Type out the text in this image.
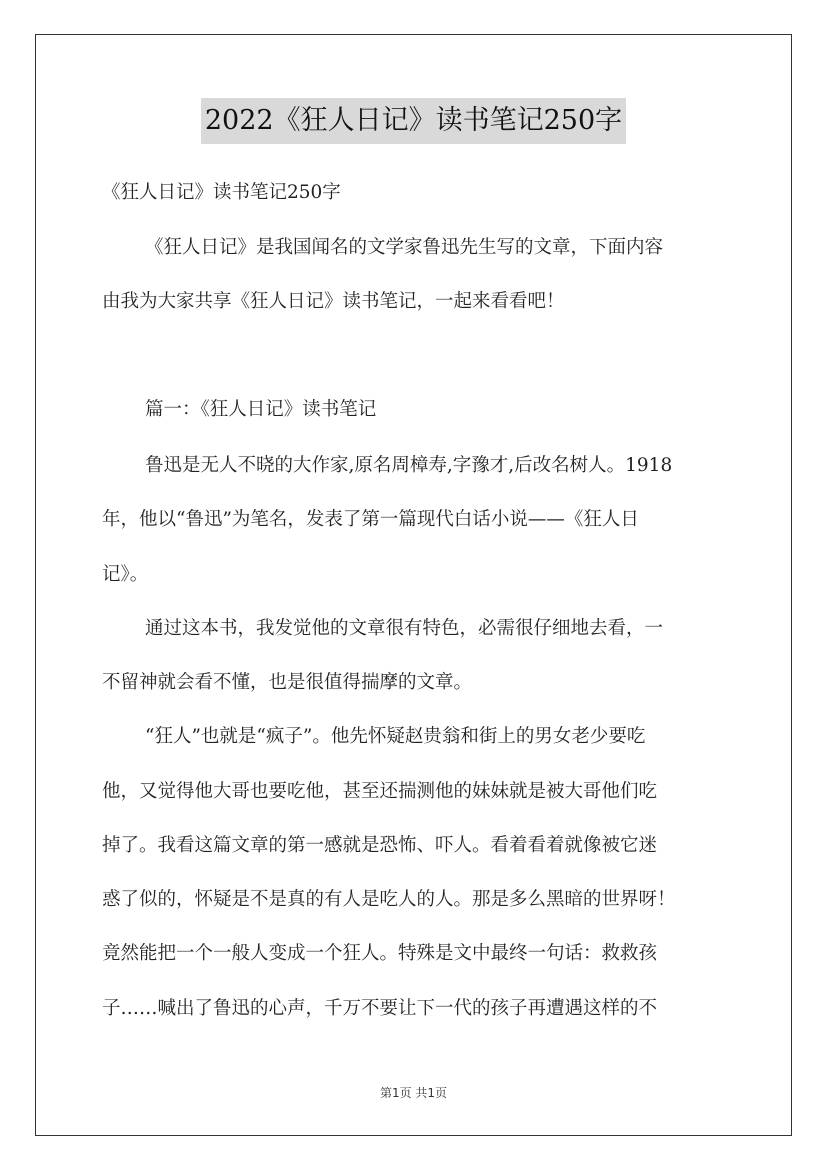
2022《狂人日记》读书笔记250字
《狂人日记》读书笔记250字
《狂人日记》是我国闻名的文学家鲁迅先生写的文章，下面内容
由我为大家共享《狂人日记》读书笔记，一起来看看吧！
篇一：《狂人日记》读书笔记
鲁迅是无人不晓的大作家,原名周樟寿,字豫才,后改名树人。1918
年，他以“鲁迅”为笔名，发表了第一篇现代白话小说——《狂人日
记》。
通过这本书，我发觉他的文章很有特色，必需很仔细地去看，一
不留神就会看不懂，也是很值得揣摩的文章。
“狂人”也就是“疯子”。他先怀疑赵贵翁和街上的男女老少要吃
他，又觉得他大哥也要吃他，甚至还揣测他的妹妹就是被大哥他们吃
掉了。我看这篇文章的第一感就是恐怖、吓人。看着看着就像被它迷
惑了似的，怀疑是不是真的有人是吃人的人。那是多么黑暗的世界呀！
竟然能把一个一般人变成一个狂人。特殊是文中最终一句话：救救孩
子……喊出了鲁迅的心声，千万不要让下一代的孩子再遭遇这样的不
第1页 共1页
